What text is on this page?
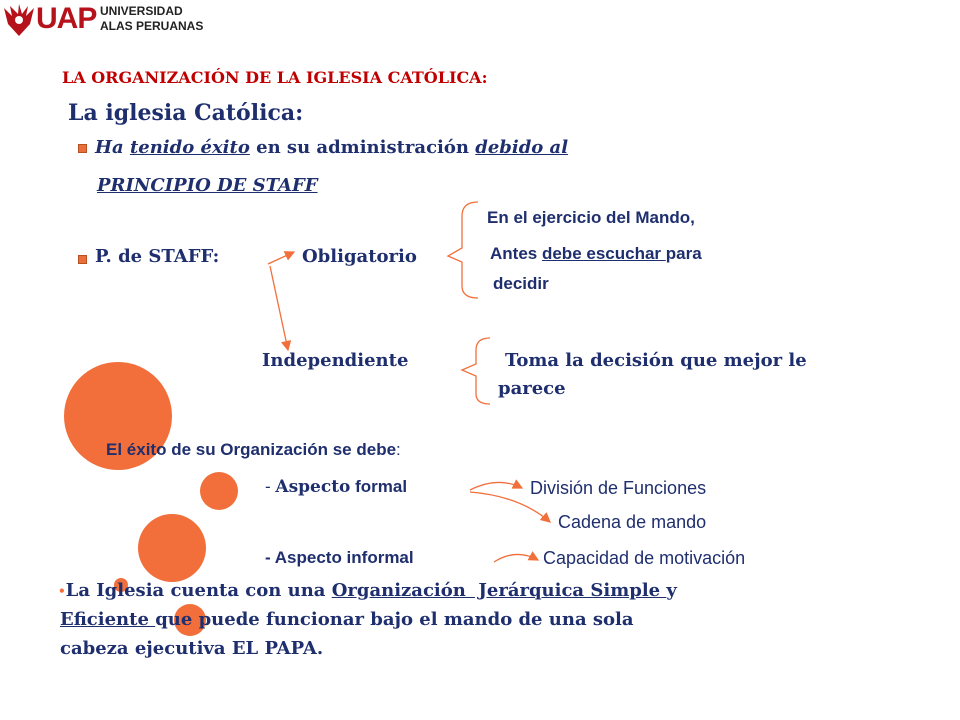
UAP UNIVERSIDAD
ALAS PERUANAS
LA ORGANIZACIÓN DE LA IGLESIA CATÓLICA:
La iglesia Católica:
Ha tenido éxito en su administración debido al
PRINCIPIO DE STAFF
En el ejercicio del Mando,
P. de STAFF:	Obligatorio	Antes debe escuchar para
decidir
Independiente	Toma la decisión que mejor le
parece
El éxito de su Organización se debe:
- Aspecto formal	División de Funciones
Cadena de mando
- Aspecto informal	Capacidad de motivación
•La Iglesia cuenta con una Organización  Jerárquica Simple y
Eficiente que puede funcionar bajo el mando de una sola
cabeza ejecutiva EL PAPA.
